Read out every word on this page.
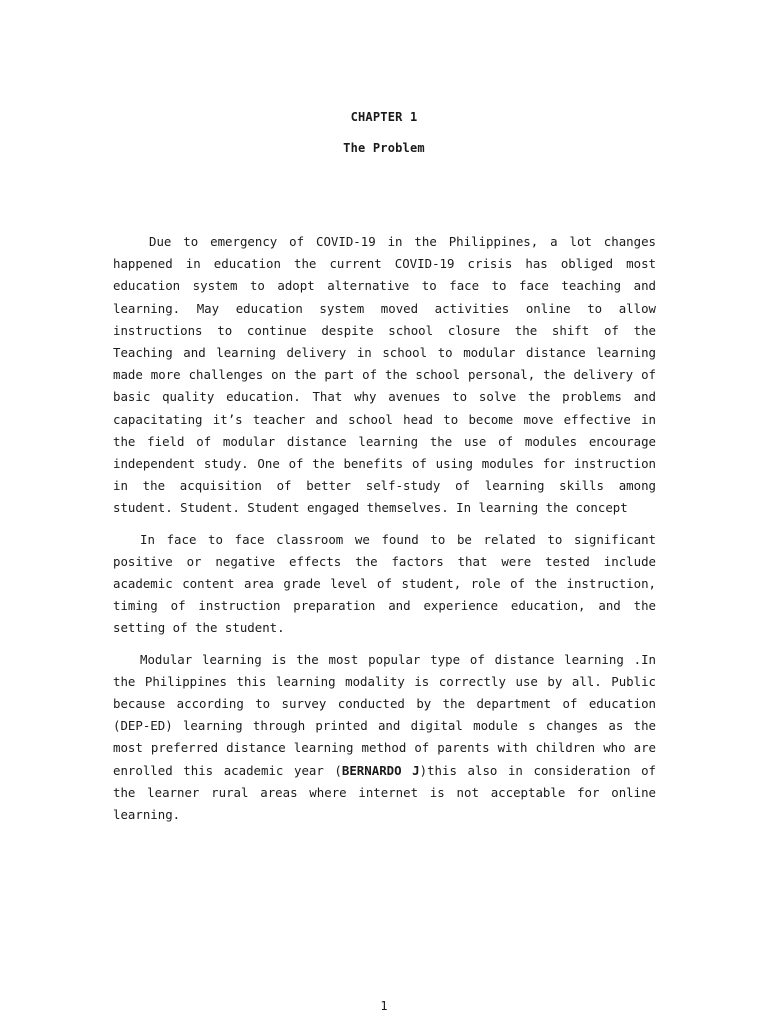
CHAPTER 1
The Problem

Due to emergency of COVID-19 in the Philippines, a lot changes happened in education the current COVID-19 crisis has obliged most education system to adopt alternative to face to face teaching and learning. May education system moved activities online to allow instructions to continue despite school closure the shift of the Teaching and learning delivery in school to modular distance learning made more challenges on the part of the school personal, the delivery of basic quality education. That why avenues to solve the problems and capacitating it’s teacher and school head to become move effective in the field of modular distance learning the use of modules encourage independent study. One of the benefits of using modules for instruction in the acquisition of better self-study of learning skills among student. Student. Student engaged themselves. In learning the concept

In face to face classroom we found to be related to significant positive or negative effects the factors that were tested include academic content area grade level of student, role of the instruction, timing of instruction preparation and experience education, and the setting of the student.

Modular learning is the most popular type of distance learning .In the Philippines this learning modality is correctly use by all. Public because according to survey conducted by the department of education (DEP-ED) learning through printed and digital module s changes as the most preferred distance learning method of parents with children who are enrolled this academic year (BERNARDO J)this also in consideration of the learner rural areas where internet is not acceptable for online learning.

1
